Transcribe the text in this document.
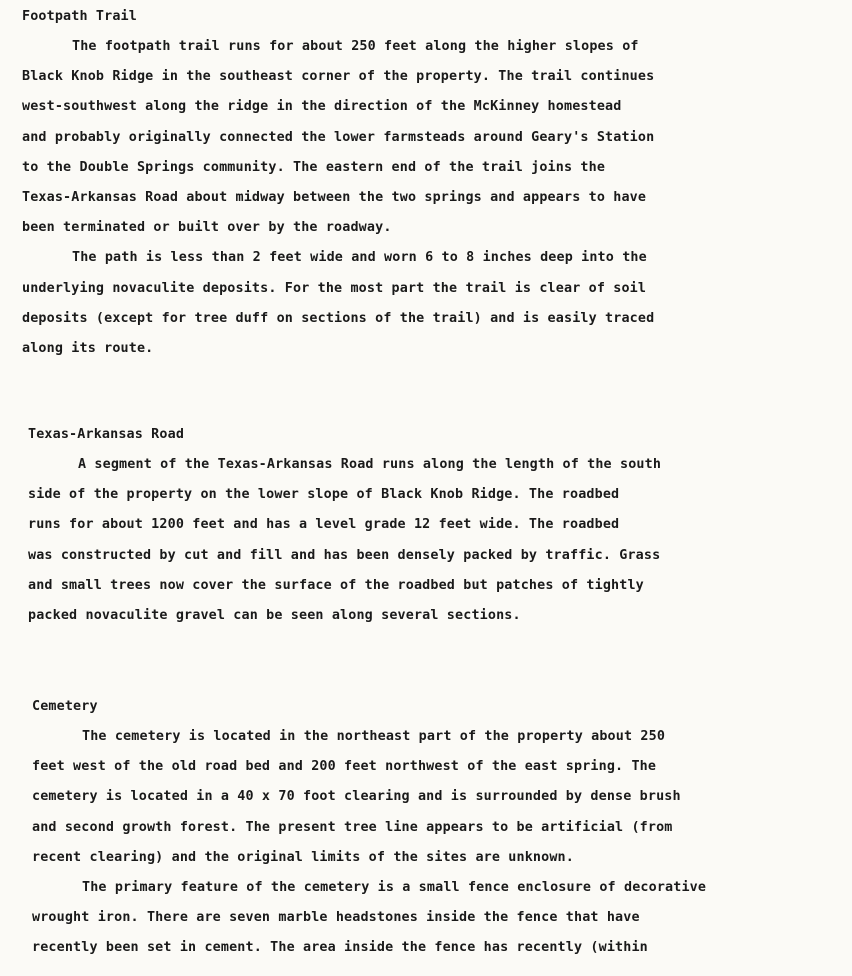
Footpath Trail

The footpath trail runs for about 250 feet along the higher slopes of
Black Knob Ridge in the southeast corner of the property. The trail continues
west-southwest along the ridge in the direction of the McKinney homestead
and probably originally connected the lower farmsteads around Geary's Station
to the Double Springs community. The eastern end of the trail joins the
Texas-Arkansas Road about midway between the two springs and appears to have
been terminated or built over by the roadway.

The path is less than 2 feet wide and worn 6 to 8 inches deep into the
underlying novaculite deposits. For the most part the trail is clear of soil
deposits (except for tree duff on sections of the trail) and is easily traced
along its route.

Texas-Arkansas Road

A segment of the Texas-Arkansas Road runs along the length of the south
side of the property on the lower slope of Black Knob Ridge. The roadbed
runs for about 1200 feet and has a level grade 12 feet wide. The roadbed
was constructed by cut and fill and has been densely packed by traffic. Grass
and small trees now cover the surface of the roadbed but patches of tightly
packed novaculite gravel can be seen along several sections.

Cemetery

The cemetery is located in the northeast part of the property about 250
feet west of the old road bed and 200 feet northwest of the east spring. The
cemetery is located in a 40 x 70 foot clearing and is surrounded by dense brush
and second growth forest. The present tree line appears to be artificial (from
recent clearing) and the original limits of the sites are unknown.

The primary feature of the cemetery is a small fence enclosure of decorative
wrought iron. There are seven marble headstones inside the fence that have
recently been set in cement. The area inside the fence has recently (within
